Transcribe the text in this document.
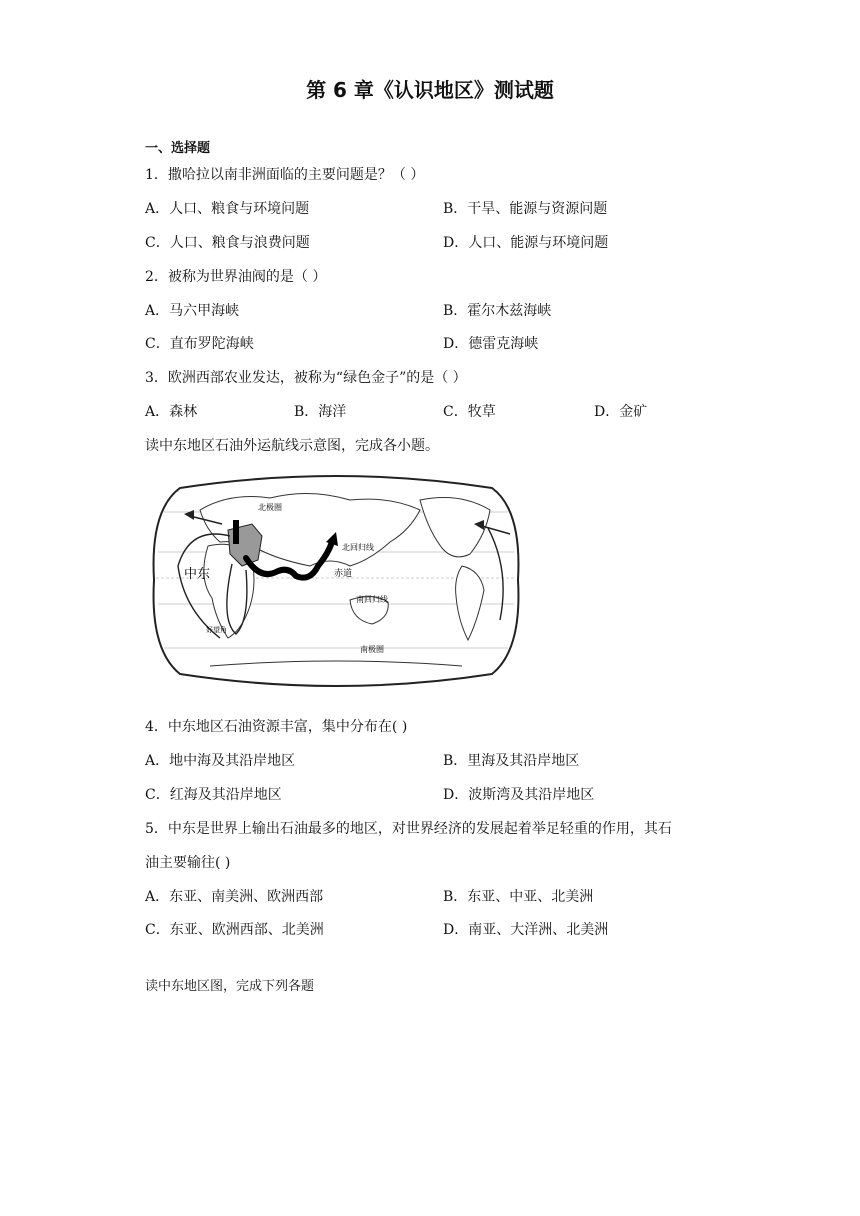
第 6 章《认识地区》测试题
一、选择题
1．撒哈拉以南非洲面临的主要问题是？（ ）
A．人口、粮食与环境问题	B．干旱、能源与资源问题
C．人口、粮食与浪费问题	D．人口、能源与环境问题
2．被称为世界油阀的是（ ）
A．马六甲海峡	B．霍尔木兹海峡
C．直布罗陀海峡	D．德雷克海峡
3．欧洲西部农业发达，被称为“绿色金子”的是（ ）
A．森林	B．海洋	C．牧草	D．金矿
读中东地区石油外运航线示意图，完成各小题。
北极圈
北回归线
赤道
南回归线
南极圈
中东
好望角
4．中东地区石油资源丰富，集中分布在( )
A．地中海及其沿岸地区	B．里海及其沿岸地区
C．红海及其沿岸地区	D．波斯湾及其沿岸地区
5．中东是世界上输出石油最多的地区，对世界经济的发展起着举足轻重的作用，其石
油主要输往( )
A．东亚、南美洲、欧洲西部	B．东亚、中亚、北美洲
C．东亚、欧洲西部、北美洲	D．南亚、大洋洲、北美洲
读中东地区图，完成下列各题
